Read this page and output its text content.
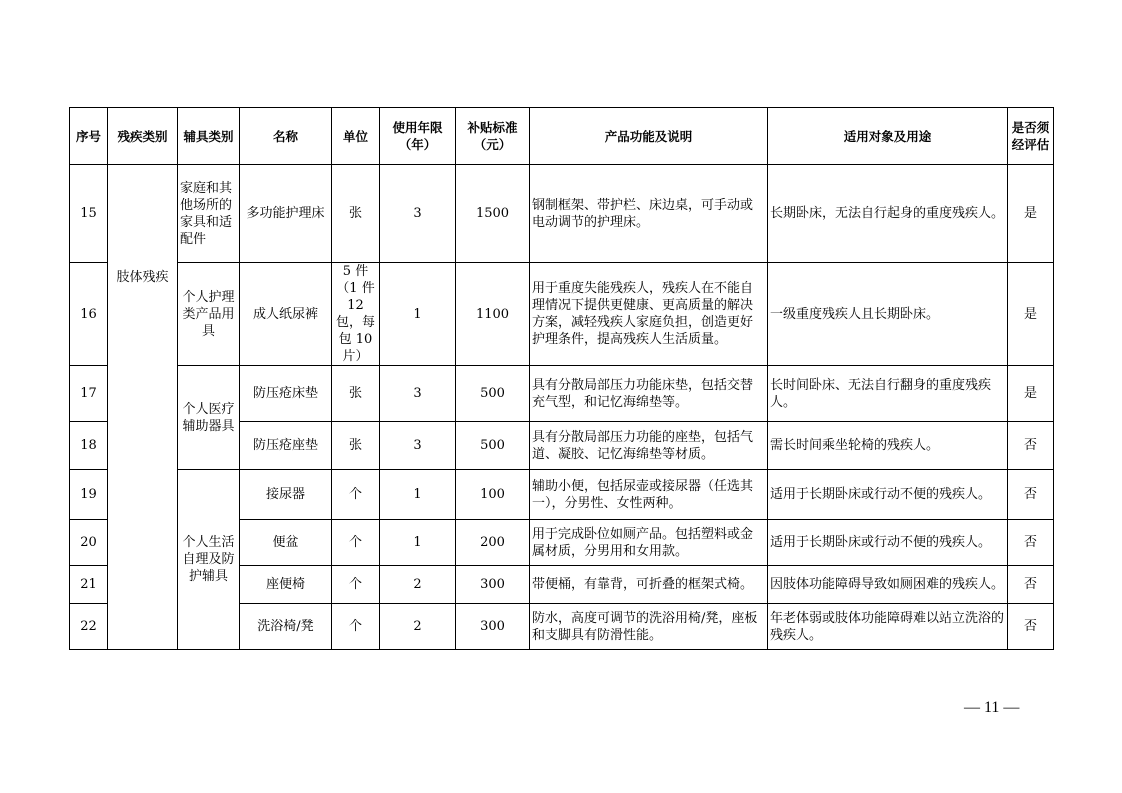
序号	残疾类别	辅具类别	名称	单位	使用年限（年）	补贴标准（元）	产品功能及说明	适用对象及用途	是否须经评估
15	肢体残疾	家庭和其他场所的家具和适配件	多功能护理床	张	3	1500	钢制框架、带护栏、床边桌，可手动或电动调节的护理床。	长期卧床，无法自行起身的重度残疾人。	是
16		个人护理类产品用具	成人纸尿裤	5 件（1 件 12 包，每包 10 片）	1	1100	用于重度失能残疾人，残疾人在不能自理情况下提供更健康、更高质量的解决方案，减轻残疾人家庭负担，创造更好护理条件，提高残疾人生活质量。	一级重度残疾人且长期卧床。	是
17		个人医疗辅助器具	防压疮床垫	张	3	500	具有分散局部压力功能床垫，包括交替充气型，和记忆海绵垫等。	长时间卧床、无法自行翻身的重度残疾人。	是
18			防压疮座垫	张	3	500	具有分散局部压力功能的座垫，包括气道、凝胶、记忆海绵垫等材质。	需长时间乘坐轮椅的残疾人。	否
19		个人生活自理及防护辅具	接尿器	个	1	100	辅助小便，包括尿壶或接尿器（任选其一），分男性、女性两种。	适用于长期卧床或行动不便的残疾人。	否
20			便盆	个	1	200	用于完成卧位如厕产品。包括塑料或金属材质，分男用和女用款。	适用于长期卧床或行动不便的残疾人。	否
21			座便椅	个	2	300	带便桶，有靠背，可折叠的框架式椅。	因肢体功能障碍导致如厕困难的残疾人。	否
22			洗浴椅/凳	个	2	300	防水，高度可调节的洗浴用椅/凳，座板和支脚具有防滑性能。	年老体弱或肢体功能障碍难以站立洗浴的残疾人。	否
— 11 —
